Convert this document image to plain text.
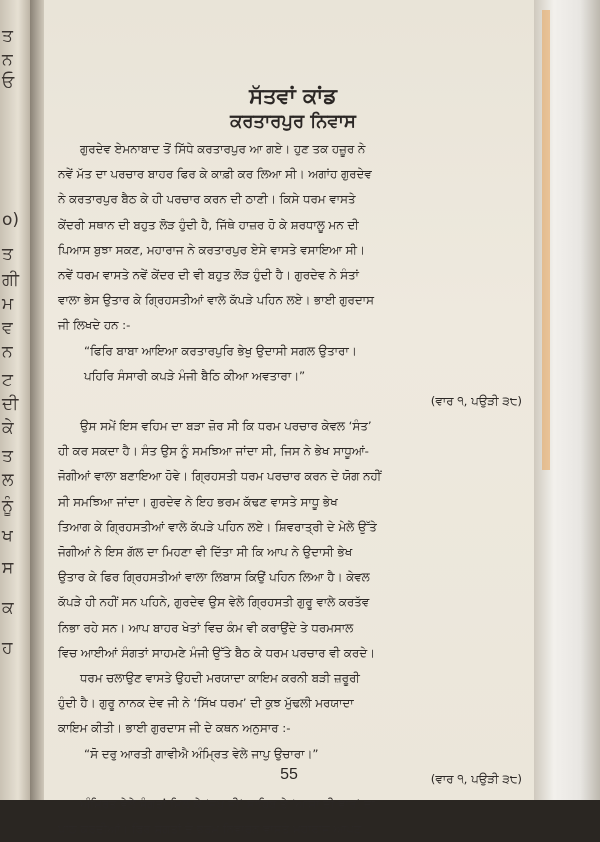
ਤ
ਨ
ਓ
o)
ਤ
ਗੀ
ਮ
ਵ
ਨ
ਟ
ਦੀ
ਕੇ
ਤ
ਲ
ਨੂੰ
ਖ
ਸ
ਕ
ਹ
55
ਸੱਤਵਾਂ ਕਾਂਡ
ਕਰਤਾਰਪੁਰ ਨਿਵਾਸ
ਗੁਰਦੇਵ ਏਮਨਾਬਾਦ ਤੋਂ ਸਿੱਧੇ ਕਰਤਾਰਪੁਰ ਆ ਗਏ। ਹੁਣ ਤਕ ਹਜ਼ੂਰ ਨੇ
ਨਵੇਂ ਮੱਤ ਦਾ ਪਰਚਾਰ ਬਾਹਰ ਫਿਰ ਕੇ ਕਾਫ਼ੀ ਕਰ ਲਿਆ ਸੀ। ਅਗਾਂਹ ਗੁਰਦੇਵ
ਨੇ ਕਰਤਾਰਪੁਰ ਬੈਠ ਕੇ ਹੀ ਪਰਚਾਰ ਕਰਨ ਦੀ ਠਾਣੀ। ਕਿਸੇ ਧਰਮ ਵਾਸਤੇ
ਕੇਂਦਰੀ ਸਥਾਨ ਦੀ ਬਹੁਤ ਲੋੜ ਹੁੰਦੀ ਹੈ, ਜਿੱਥੇ ਹਾਜ਼ਰ ਹੋ ਕੇ ਸ਼ਰਧਾਲੂ ਮਨ ਦੀ
ਪਿਆਸ ਬੁਝਾ ਸਕਣ, ਮਹਾਰਾਜ ਨੇ ਕਰਤਾਰਪੁਰ ਏਸੇ ਵਾਸਤੇ ਵਸਾਇਆ ਸੀ।
ਨਵੇਂ ਧਰਮ ਵਾਸਤੇ ਨਵੇਂ ਕੇਂਦਰ ਦੀ ਵੀ ਬਹੁਤ ਲੋੜ ਹੁੰਦੀ ਹੈ। ਗੁਰਦੇਵ ਨੇ ਸੰਤਾਂ
ਵਾਲਾ ਭੇਸ ਉਤਾਰ ਕੇ ਗ੍ਰਿਹਸਤੀਆਂ ਵਾਲੇ ਕੱਪੜੇ ਪਹਿਨ ਲਏ। ਭਾਈ ਗੁਰਦਾਸ
ਜੀ ਲਿਖਦੇ ਹਨ :-
“ਫਿਰਿ ਬਾਬਾ ਆਇਆ ਕਰਤਾਰਪੁਰਿ ਭੇਖੁ ਉਦਾਸੀ ਸਗਲ ਉਤਾਰਾ।
ਪਹਿਰਿ ਸੰਸਾਰੀ ਕਪੜੇ ਮੰਜੀ ਬੈਠਿ ਕੀਆ ਅਵਤਾਰਾ।”
(ਵਾਰ ੧, ਪਉੜੀ ੩੮)
ਉਸ ਸਮੇਂ ਇਸ ਵਹਿਮ ਦਾ ਬੜਾ ਜ਼ੋਰ ਸੀ ਕਿ ਧਰਮ ਪਰਚਾਰ ਕੇਵਲ ‘ਸੰਤ’
ਹੀ ਕਰ ਸਕਦਾ ਹੈ। ਸੰਤ ਉਸ ਨੂੰ ਸਮਝਿਆ ਜਾਂਦਾ ਸੀ, ਜਿਸ ਨੇ ਭੇਖ ਸਾਧੂਆਂ-
ਜੋਗੀਆਂ ਵਾਲਾ ਬਣਾਇਆ ਹੋਵੇ। ਗ੍ਰਿਹਸਤੀ ਧਰਮ ਪਰਚਾਰ ਕਰਨ ਦੇ ਯੋਗ ਨਹੀਂ
ਸੀ ਸਮਝਿਆ ਜਾਂਦਾ। ਗੁਰਦੇਵ ਨੇ ਇਹ ਭਰਮ ਕੱਢਣ ਵਾਸਤੇ ਸਾਧੂ ਭੇਖ
ਤਿਆਗ ਕੇ ਗ੍ਰਿਹਸਤੀਆਂ ਵਾਲੇ ਕੱਪੜੇ ਪਹਿਨ ਲਏ। ਸ਼ਿਵਰਾਤ੍ਰੀ ਦੇ ਮੇਲੇ ਉੱਤੇ
ਜੋਗੀਆਂ ਨੇ ਇਸ ਗੱਲ ਦਾ ਮਿਹਣਾ ਵੀ ਦਿੱਤਾ ਸੀ ਕਿ ਆਪ ਨੇ ਉਦਾਸੀ ਭੇਖ
ਉਤਾਰ ਕੇ ਫਿਰ ਗ੍ਰਿਹਸਤੀਆਂ ਵਾਲਾ ਲਿਬਾਸ ਕਿਉਂ ਪਹਿਨ ਲਿਆ ਹੈ। ਕੇਵਲ
ਕੱਪੜੇ ਹੀ ਨਹੀਂ ਸਨ ਪਹਿਨੇ, ਗੁਰਦੇਵ ਉਸ ਵੇਲੇ ਗ੍ਰਿਹਸਤੀ ਗੁਰੂ ਵਾਲੇ ਕਰਤੱਵ
ਨਿਭਾ ਰਹੇ ਸਨ। ਆਪ ਬਾਹਰ ਖੇਤਾਂ ਵਿਚ ਕੰਮ ਵੀ ਕਰਾਉਂਦੇ ਤੇ ਧਰਮਸਾਲ
ਵਿਚ ਆਈਆਂ ਸੰਗਤਾਂ ਸਾਹਮਣੇ ਮੰਜੀ ਉੱਤੇ ਬੈਠ ਕੇ ਧਰਮ ਪਰਚਾਰ ਵੀ ਕਰਦੇ।
ਧਰਮ ਚਲਾਉਣ ਵਾਸਤੇ ਉਹਦੀ ਮਰਯਾਦਾ ਕਾਇਮ ਕਰਨੀ ਬੜੀ ਜ਼ਰੂਰੀ
ਹੁੰਦੀ ਹੈ। ਗੁਰੂ ਨਾਨਕ ਦੇਵ ਜੀ ਨੇ ‘ਸਿੱਖ ਧਰਮ’ ਦੀ ਕੁਝ ਮੁੱਢਲੀ ਮਰਯਾਦਾ
ਕਾਇਮ ਕੀਤੀ। ਭਾਈ ਗੁਰਦਾਸ ਜੀ ਦੇ ਕਥਨ ਅਨੁਸਾਰ :-
“ਸੋ ਦਰੁ ਆਰਤੀ ਗਾਵੀਐ ਅੰਮ੍ਰਿਤ ਵੇਲੇ ਜਾਪੁ ਉਚਾਰਾ।”
(ਵਾਰ ੧, ਪਉੜੀ ੩੮)
ਅੰਮ੍ਰਿਤ ਵੇਲੇ ਸੰਗਤਾਂ ਮਿਲ ਕੇ ‘ਜਪੁ ਜੀ’ ਸਾਹਿਬ ਤੇ ‘ਆਸਾ ਦੀ ਵਾਰ’ ਦਾ
ਪਾਠ ਕਰਦੀਆਂ। ਫਿਰ ਸੰਗਤਾਂ ਦੇ ਭਰਮ ਨਿਵਾਰਨ ਵਾਸਤੇ ਮਹਾਰਾਜ ਆਪਣੇ
